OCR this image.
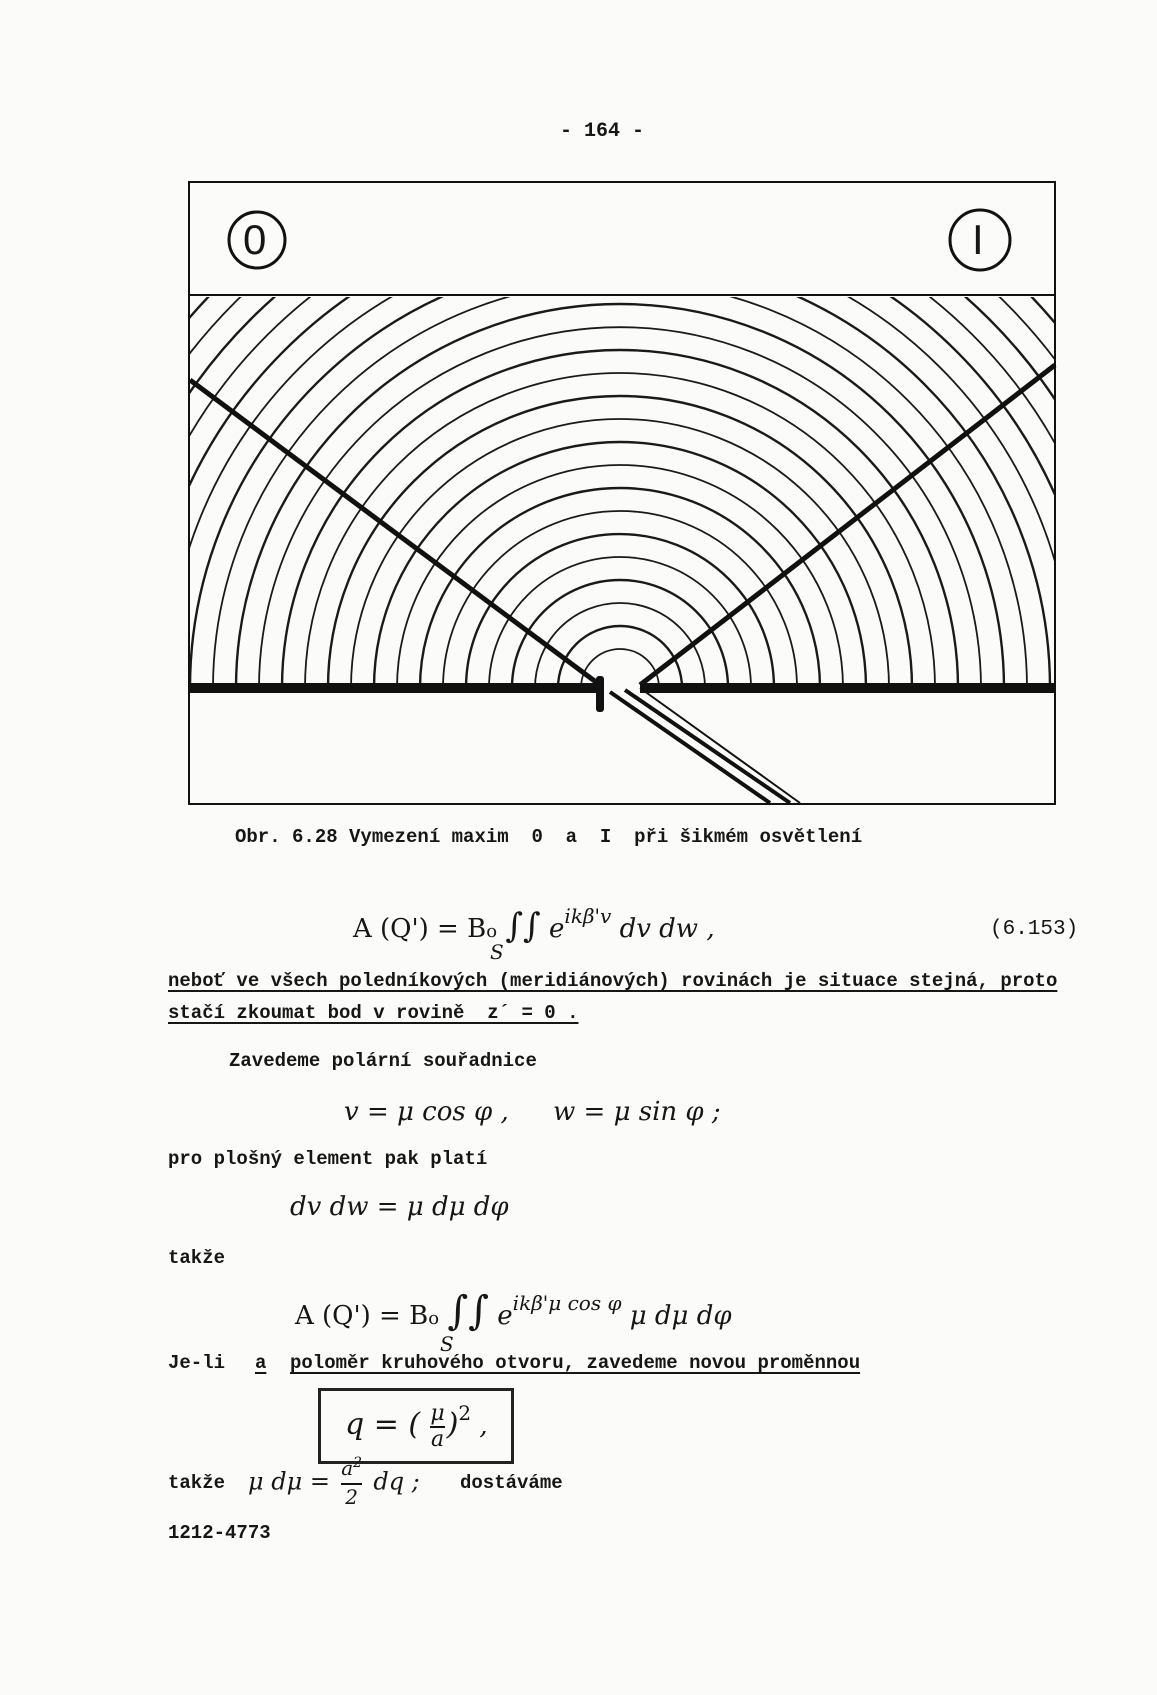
- 164 -
0	I
Obr. 6.28 Vymezení maxim  0  a  I  při šikmém osvětlení
A (Q') = Bo ∫∫ $e^{ik\beta'v}$ dv dw ,
S
(6.153)
neboť ve všech poledníkových (meridiánových) rovinách je situace stejná, proto
stačí zkoumat bod v rovině  z´ = 0 .
Zavedeme polární souřadnice
v = μ cos φ , w = μ sin φ ;
pro plošný element pak platí
dv dw = μ dμ dφ
takže
A (Q') = Bo ∫∫ $e^{ik\beta'\mu cos \varphi}$ μ dμ dφ
S
Je-li a poloměr kruhového otvoru, zavedeme novou proměnnou
q = ( $\frac{\mu}{a} )^2$ ,
takže μ $d\mu = \frac{a^2}{2}$ dq ; dostáváme
1212-4773
